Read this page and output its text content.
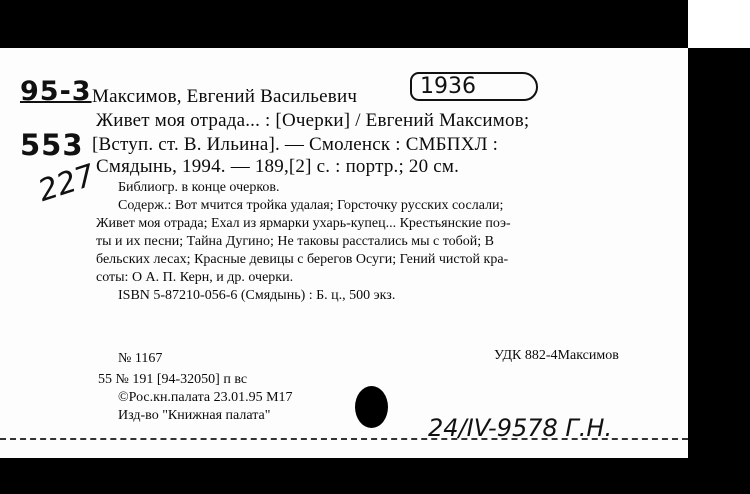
95-3
553
227
1936
Максимов, Евгений Васильевич
Живет моя отрада... : [Очерки] / Евгений Максимов;
[Вступ. ст. В. Ильина]. — Смоленск : СМБПХЛ :
Смядынь, 1994. — 189,[2] с. : портр.; 20 см.
Библиогр. в конце очерков.
Содерж.: Вот мчится тройка удалая; Горсточку русских сослали;
Живет моя отрада; Ехал из ярмарки ухарь-купец... Крестьянские поэ-
ты и их песни; Тайна Дугино; Не таковы расстались мы с тобой; В
бельских лесах; Красные девицы с берегов Осуги; Гений чистой кра-
соты: О А. П. Керн, и др. очерки.
ISBN 5-87210-056-6 (Смядынь) : Б. ц., 500 экз.
№ 1167	УДК 882-4Максимов
55 № 191 [94-32050] п вс
©Рос.кн.палата 23.01.95 М17
Изд-во "Книжная палата"	24/IV-9578 Г.Н.
